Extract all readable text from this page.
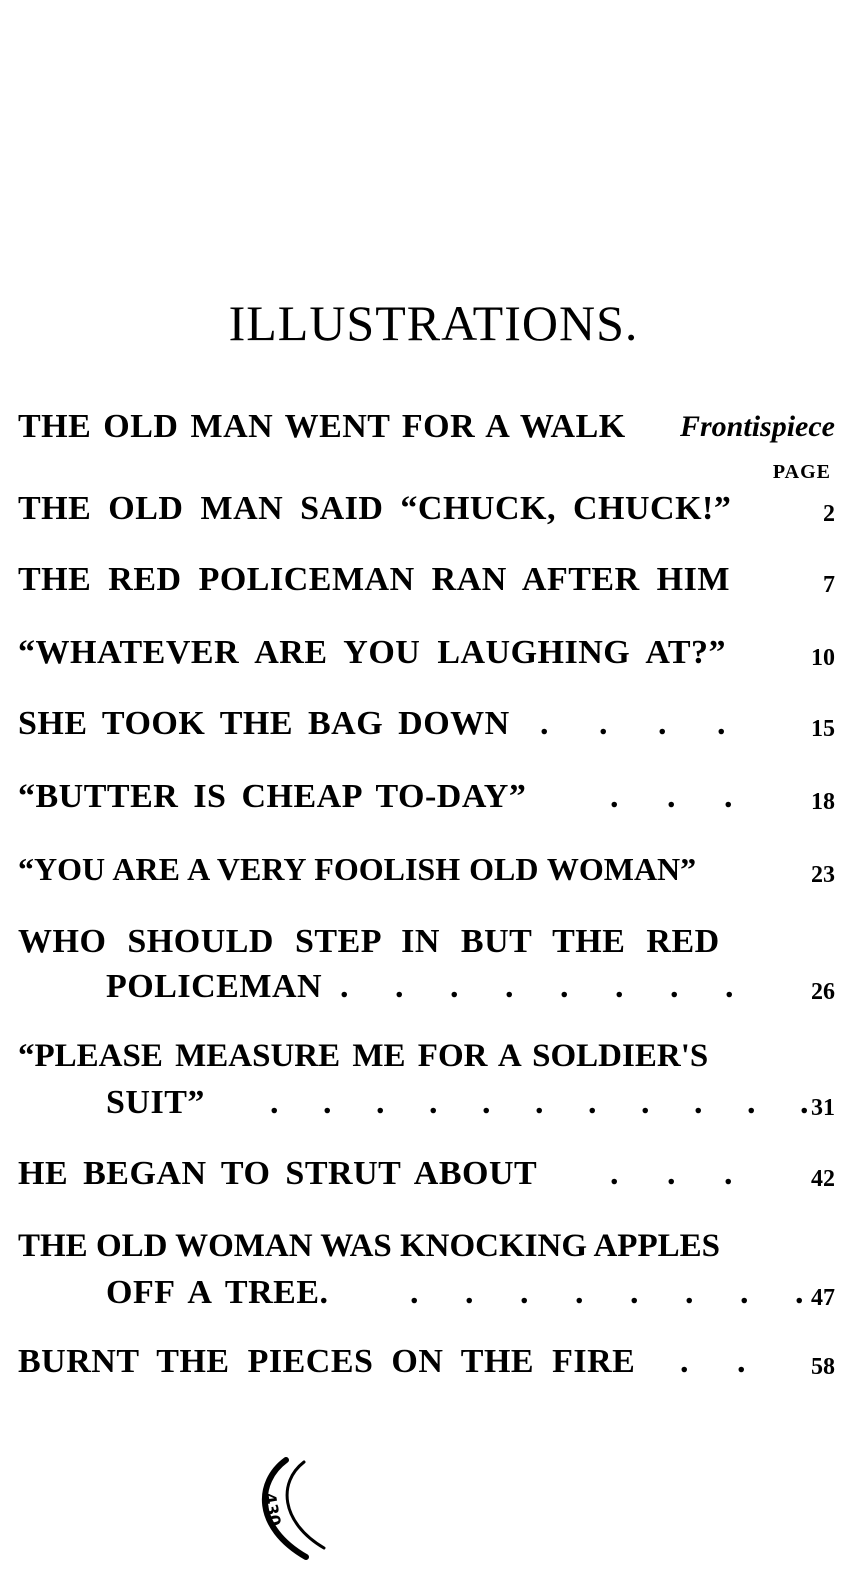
ILLUSTRATIONS.
THE OLD MAN WENT FOR A WALK	Frontispiece
PAGE
THE OLD MAN SAID “CHUCK, CHUCK!”	2
THE RED POLICEMAN RAN AFTER HIM	7
“WHATEVER ARE YOU LAUGHING AT?”	10
SHE TOOK THE BAG DOWN . . . .	15
“BUTTER IS CHEAP TO-DAY”	. . .	18
“YOU ARE A VERY FOOLISH OLD WOMAN”	23
WHO SHOULD STEP IN BUT THE RED
POLICEMAN . . . . . . . .	26
“PLEASE MEASURE ME FOR A SOLDIER'S
SUIT”	. . . . . . . . . . . 31
HE BEGAN TO STRUT ABOUT	. . .	42
THE OLD WOMAN WAS KNOCKING APPLES
OFF A TREE.	. . . . . . . . 47
BURNT THE PIECES ON THE FIRE	. .	58
430
